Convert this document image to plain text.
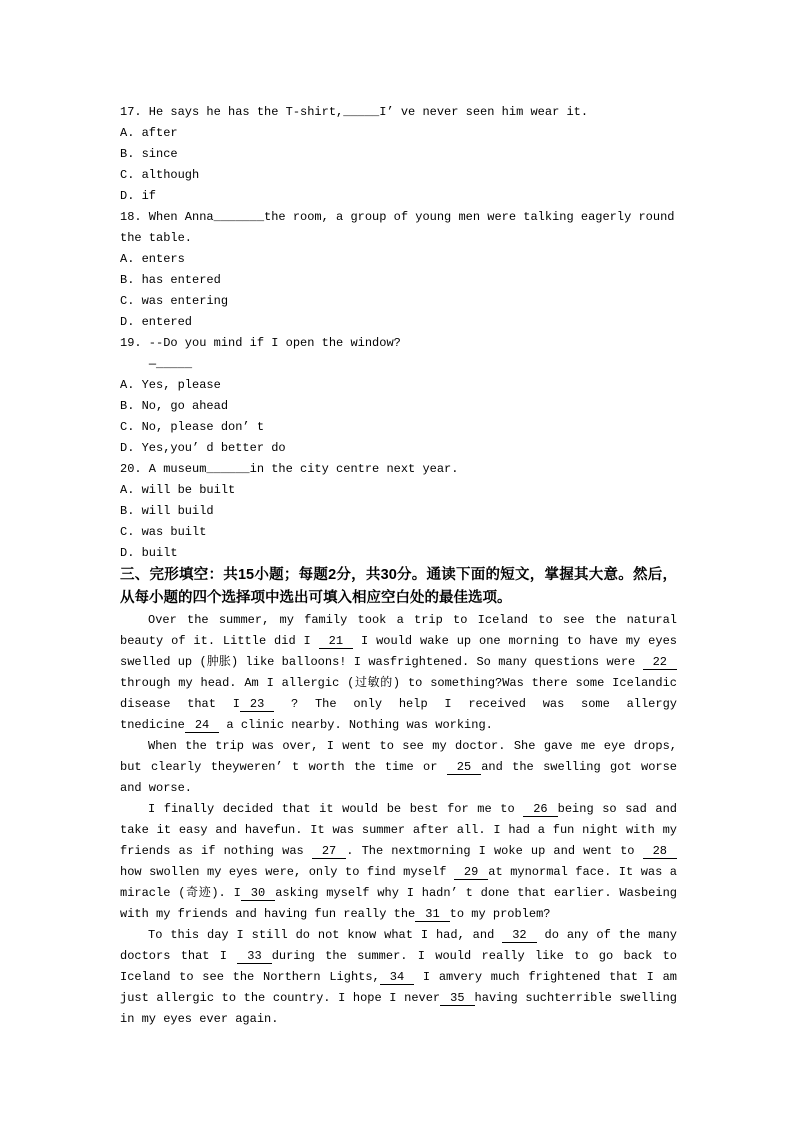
17. He says he has the T-shirt,_____I’ ve never seen him wear it.
A. after
B. since
C. although
D. if
18. When Anna_______the room, a group of young men were talking eagerly round the table.
A. enters
B. has entered
C. was entering
D. entered
19. --Do you mind if I open the window?
—_____
A. Yes, please
B. No, go ahead
C. No, please don’ t
D. Yes,you’ d better do
20. A museum______in the city centre next year.
A. will be built
B. will build
C. was built
D. built
三、完形填空：共15小题；每题2分，共30分。通读下面的短文，掌握其大意。然后，从每小题的四个选择项中选出可填入相应空白处的最佳选项。

Over the summer, my family took a trip to Iceland to see the natural beauty of it. Little did I 21 I would wake up one morning to have my eyes swelled up (肿胀) like balloons! I wasfrightened. So many questions were 22 through my head. Am I allergic (过敏的) to something?Was there some Icelandic disease that I 23 ? The only help I received was some allergy tnedicine 24 a clinic nearby. Nothing was working.

When the trip was over, I went to see my doctor. She gave me eye drops, but clearly theyweren’ t worth the time or 25 and the swelling got worse and worse.

I finally decided that it would be best for me to 26 being so sad and take it easy and havefun. It was summer after all. I had a fun night with my friends as if nothing was 27 . The nextmorning I woke up and went to 28 how swollen my eyes were, only to find myself 29 at mynormal face. It was a miracle (奇迹). I 30 asking myself why I hadn’ t done that earlier. Wasbeing with my friends and having fun really the 31 to my problem?

To this day I still do not know what I had, and 32 do any of the many doctors that I 33 during the summer. I would really like to go back to Iceland to see the Northern Lights, 34 I amvery much frightened that I am just allergic to the country. I hope I never 35 having suchterrible swelling in my eyes ever again.
